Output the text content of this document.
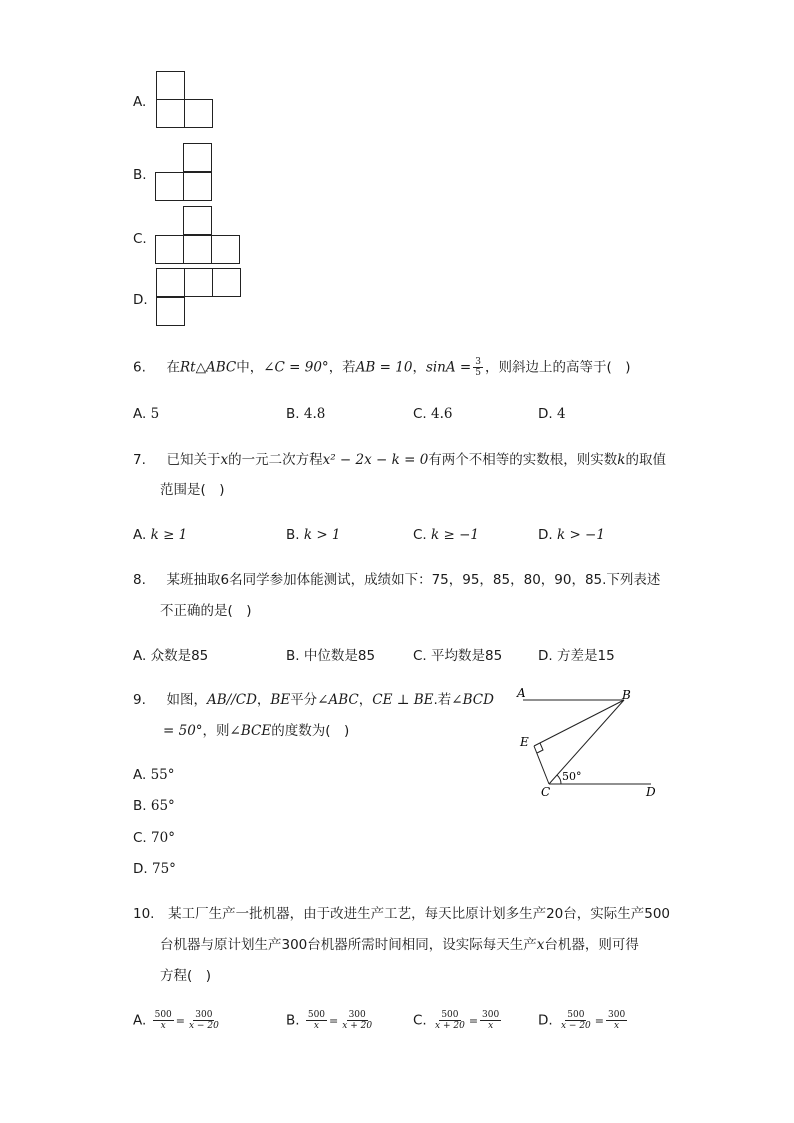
A.
B.
C.
D.
6. 在Rt△ABC中，∠C = 90°，若AB = 10，$\sin A = \frac{3}{5}$ ，则斜边上的高等于(　)
A. 5	B. 4.8	C. 4.6	D. 4
7. 已知关于x的一元二次方程x² − 2x − k = 0有两个不相等的实数根，则实数k的取值
范围是(　)
A. k ≥ 1	B. k > 1	C. k ≥ −1	D. k > −1
8. 某班抽取6名同学参加体能测试，成绩如下：75，95，85，80，90，85.下列表述
不正确的是(　)
A. 众数是85	B. 中位数是85	C. 平均数是85	D. 方差是15
9. 如图，AB//CD，BE平分∠ABC，CE ⊥ BE.若∠BCD
= 50°，则∠BCE的度数为(　)
A. 55°
B. 65°
C. 70°
D. 75°
A	B
E
C	D
50°
10. 某工厂生产一批机器，由于改进生产工艺，每天比原计划多生产20台，实际生产500
台机器与原计划生产300台机器所需时间相同，设实际每天生产x台机器，则可得
方程(　)
A. $\frac{500}{x} = \frac{300}{x - 20}$	B. $\frac{500}{x} = \frac{300}{x + 20}$	C. $\frac{500}{x + 20} = \frac{300}{x}$	D. $\frac{500}{x - 20} = \frac{300}{x}$
